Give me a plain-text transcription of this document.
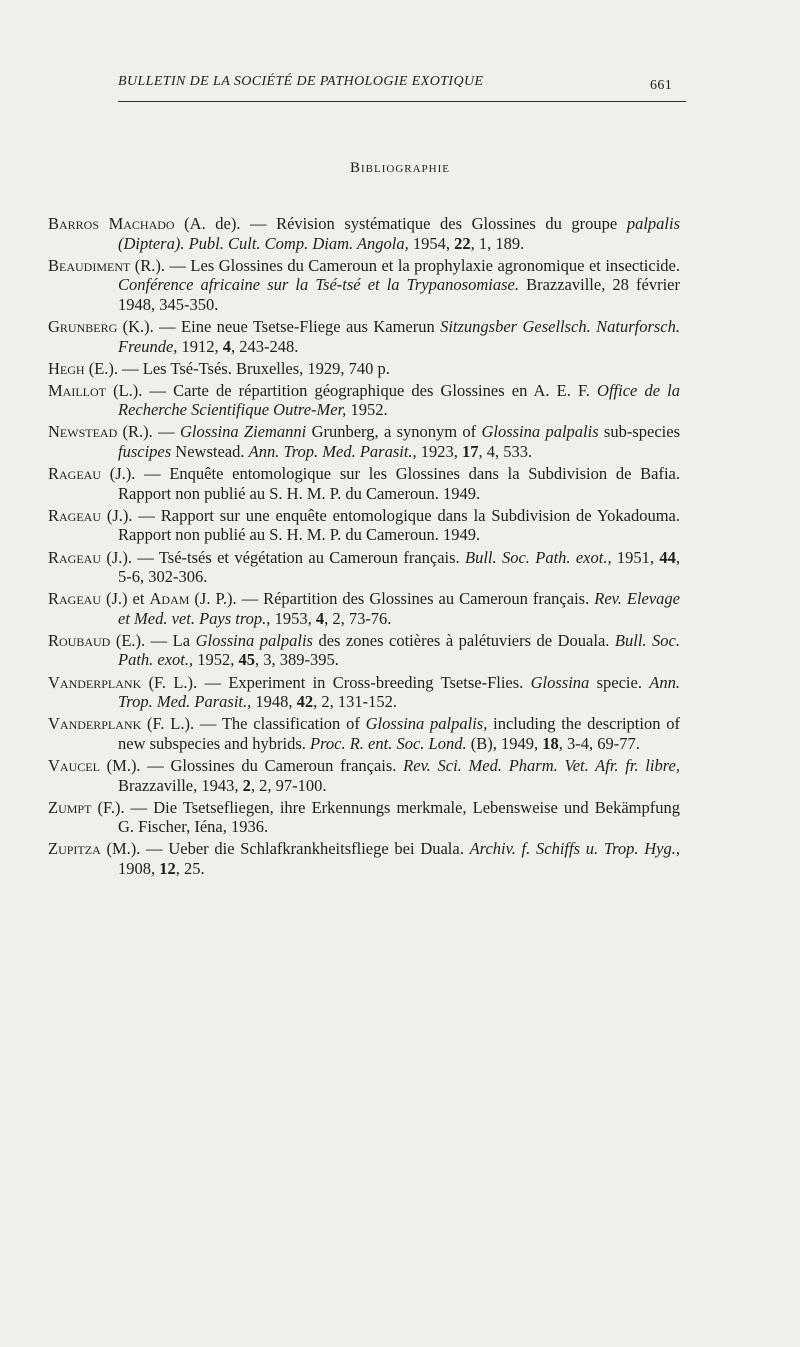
BULLETIN DE LA SOCIÉTÉ DE PATHOLOGIE EXOTIQUE	661
Bibliographie
Barros Machado (A. de). — Révision systématique des Glossines du groupe palpalis (Diptera). Publ. Cult. Comp. Diam. Angola, 1954, 22, 1, 189.
Beaudiment (R.). — Les Glossines du Cameroun et la prophylaxie agronomique et insecticide. Conférence africaine sur la Tsé-tsé et la Trypanosomiase. Brazzaville, 28 février 1948, 345-350.
Grunberg (K.). — Eine neue Tsetse-Fliege aus Kamerun Sitzungsber Gesellsch. Naturforsch. Freunde, 1912, 4, 243-248.
Hegh (E.). — Les Tsé-Tsés. Bruxelles, 1929, 740 p.
Maillot (L.). — Carte de répartition géographique des Glossines en A. E. F. Office de la Recherche Scientifique Outre-Mer, 1952.
Newstead (R.). — Glossina Ziemanni Grunberg, a synonym of Glossina palpalis sub-species fuscipes Newstead. Ann. Trop. Med. Parasit., 1923, 17, 4, 533.
Rageau (J.). — Enquête entomologique sur les Glossines dans la Subdivision de Bafia. Rapport non publié au S. H. M. P. du Cameroun. 1949.
Rageau (J.). — Rapport sur une enquête entomologique dans la Subdivision de Yokadouma. Rapport non publié au S. H. M. P. du Cameroun. 1949.
Rageau (J.). — Tsé-tsés et végétation au Cameroun français. Bull. Soc. Path. exot., 1951, 44, 5-6, 302-306.
Rageau (J.) et Adam (J. P.). — Répartition des Glossines au Cameroun français. Rev. Elevage et Med. vet. Pays trop., 1953, 4, 2, 73-76.
Roubaud (E.). — La Glossina palpalis des zones cotières à palétuviers de Douala. Bull. Soc. Path. exot., 1952, 45, 3, 389-395.
Vanderplank (F. L.). — Experiment in Cross-breeding Tsetse-Flies. Glossina specie. Ann. Trop. Med. Parasit., 1948, 42, 2, 131-152.
Vanderplank (F. L.). — The classification of Glossina palpalis, including the description of new subspecies and hybrids. Proc. R. ent. Soc. Lond. (B), 1949, 18, 3-4, 69-77.
Vaucel (M.). — Glossines du Cameroun français. Rev. Sci. Med. Pharm. Vet. Afr. fr. libre, Brazzaville, 1943, 2, 2, 97-100.
Zumpt (F.). — Die Tsetsefliegen, ihre Erkennungs merkmale, Lebensweise und Bekämpfung G. Fischer, Iéna, 1936.
Zupitza (M.). — Ueber die Schlafkrankheitsfliege bei Duala. Archiv. f. Schiffs u. Trop. Hyg., 1908, 12, 25.
